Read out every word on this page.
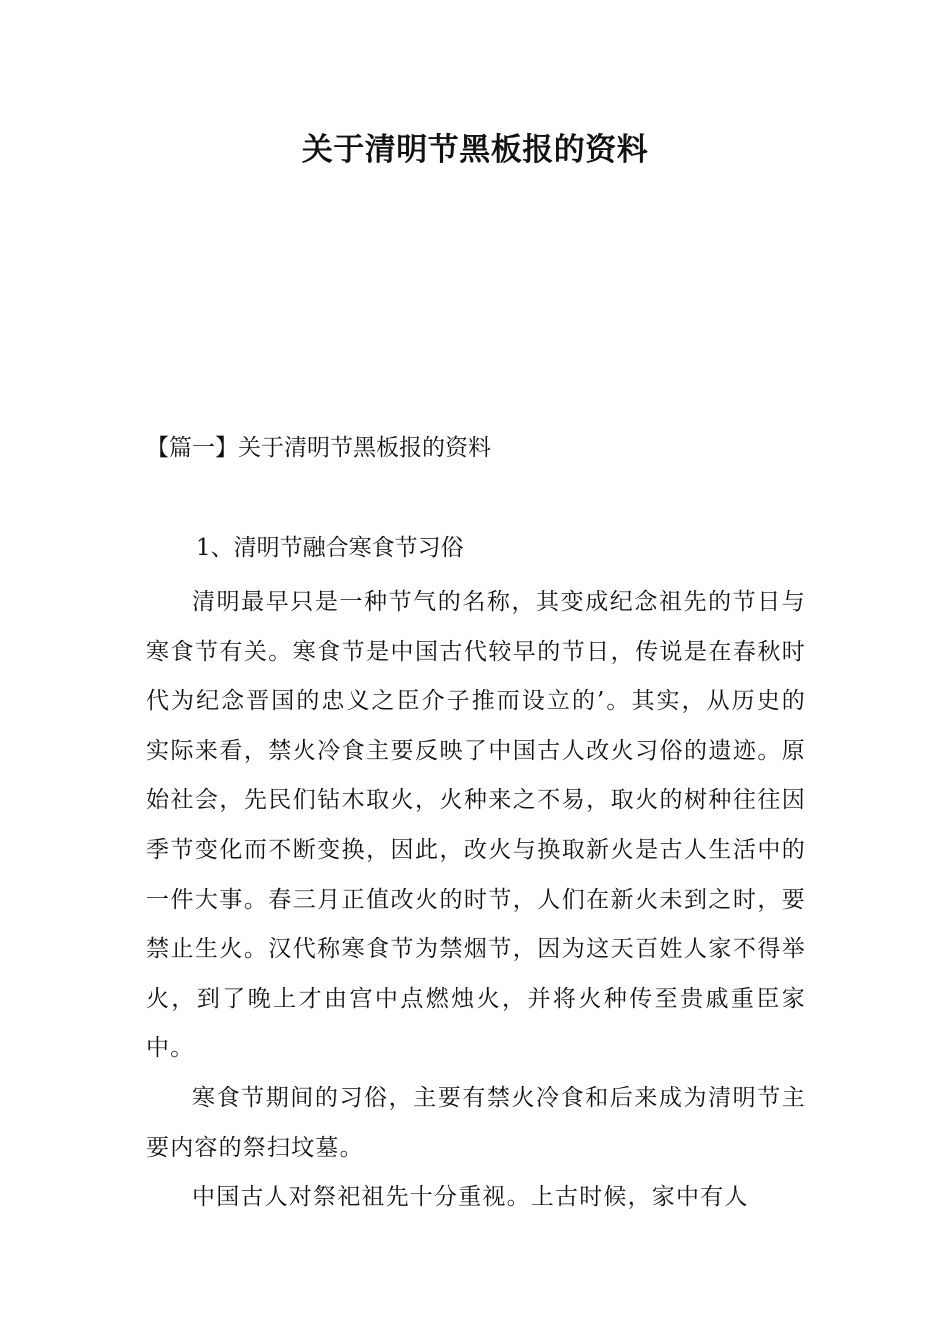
关于清明节黑板报的资料
【篇一】关于清明节黑板报的资料
1、清明节融合寒食节习俗

清明最早只是一种节气的名称，其变成纪念祖先的节日与寒食节有关。寒食节是中国古代较早的节日，传说是在春秋时代为纪念晋国的忠义之臣介子推而设立的’。其实，从历史的实际来看，禁火冷食主要反映了中国古人改火习俗的遗迹。原始社会，先民们钻木取火，火种来之不易，取火的树种往往因季节变化而不断变换，因此，改火与换取新火是古人生活中的一件大事。春三月正值改火的时节，人们在新火未到之时，要禁止生火。汉代称寒食节为禁烟节，因为这天百姓人家不得举火，到了晚上才由宫中点燃烛火，并将火种传至贵戚重臣家中。

寒食节期间的习俗，主要有禁火冷食和后来成为清明节主要内容的祭扫坟墓。

中国古人对祭祀祖先十分重视。上古时候，家中有人
